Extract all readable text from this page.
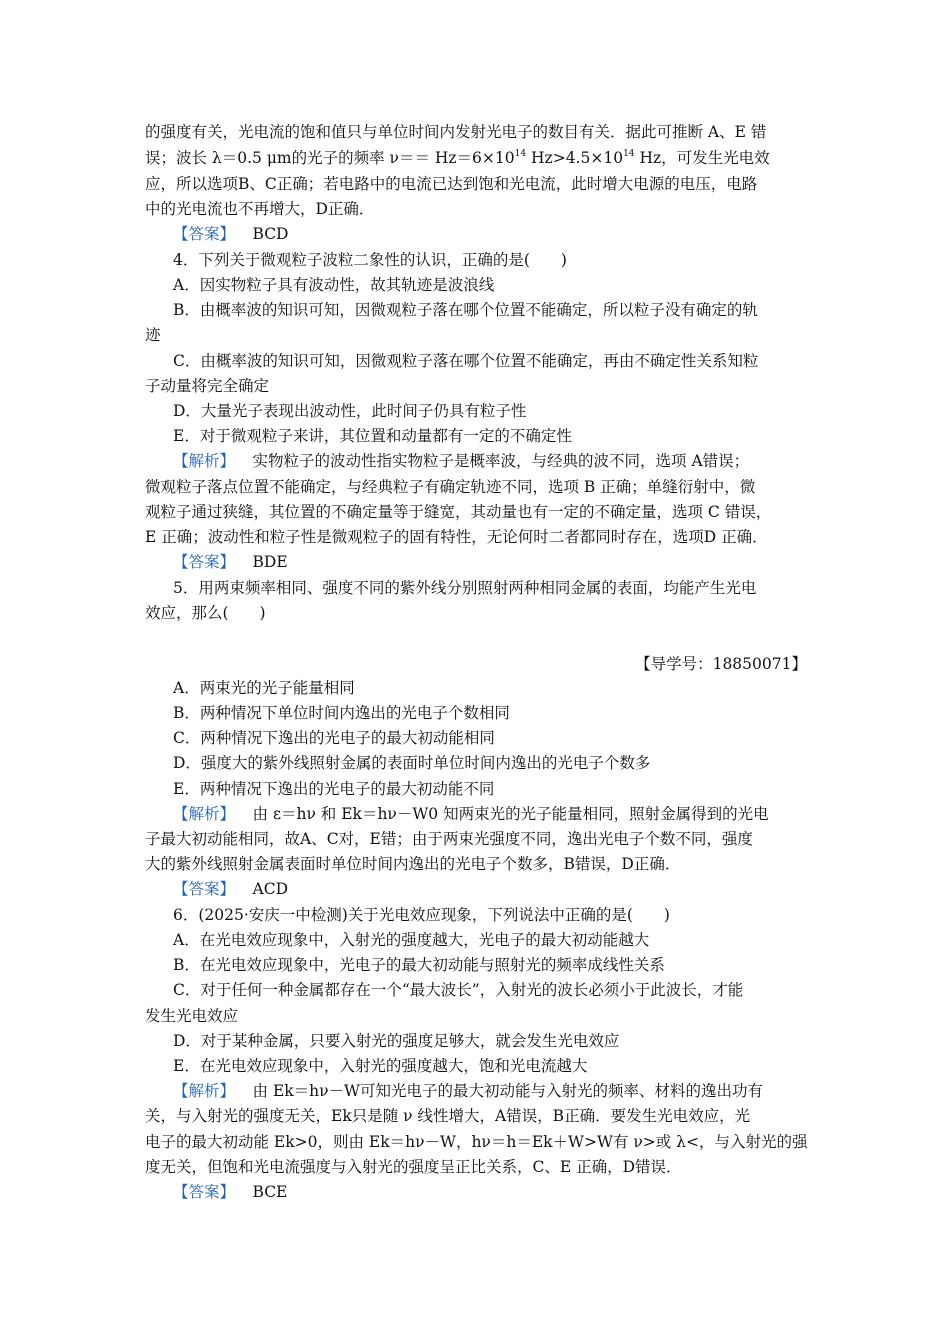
的强度有关，光电流的饱和值只与单位时间内发射光电子的数目有关．据此可推断 A、E 错
误；波长 λ＝0.5 μm的光子的频率 $\nu== Hz=6\times 10^{14}$ $Hz>4.5\times 10^{14}$ Hz，可发生光电效
应，所以选项B、C正确；若电路中的电流已达到饱和光电流，此时增大电源的电压，电路
中的光电流也不再增大，D正确．
【答案】　 BCD
4．下列关于微观粒子波粒二象性的认识，正确的是(　　)
A．因实物粒子具有波动性，故其轨迹是波浪线
B．由概率波的知识可知，因微观粒子落在哪个位置不能确定，所以粒子没有确定的轨
迹
C．由概率波的知识可知，因微观粒子落在哪个位置不能确定，再由不确定性关系知粒
子动量将完全确定
D．大量光子表现出波动性，此时间子仍具有粒子性
E．对于微观粒子来讲，其位置和动量都有一定的不确定性
【解析】　 实物粒子的波动性指实物粒子是概率波，与经典的波不同，选项 A错误；
微观粒子落点位置不能确定，与经典粒子有确定轨迹不同，选项 B 正确；单缝衍射中，微
观粒子通过狭缝，其位置的不确定量等于缝宽，其动量也有一定的不确定量，选项 C 错误，
E 正确；波动性和粒子性是微观粒子的固有特性，无论何时二者都同时存在，选项D 正确．
【答案】　 BDE
5．用两束频率相同、强度不同的紫外线分别照射两种相同金属的表面，均能产生光电
效应，那么(　　)
【导学号：18850071】
A．两束光的光子能量相同
B．两种情况下单位时间内逸出的光电子个数相同
C．两种情况下逸出的光电子的最大初动能相同
D．强度大的紫外线照射金属的表面时单位时间内逸出的光电子个数多
E．两种情况下逸出的光电子的最大初动能不同
【解析】　 由 ε＝hν 和 Ek＝hν－W0 知两束光的光子能量相同，照射金属得到的光电
子最大初动能相同，故A、C对，E错；由于两束光强度不同，逸出光电子个数不同，强度
大的紫外线照射金属表面时单位时间内逸出的光电子个数多，B错误，D正确．
【答案】　 ACD
6．(2025·安庆一中检测)关于光电效应现象，下列说法中正确的是(　　)
A．在光电效应现象中，入射光的强度越大，光电子的最大初动能越大
B．在光电效应现象中，光电子的最大初动能与照射光的频率成线性关系
C．对于任何一种金属都存在一个“最大波长”，入射光的波长必须小于此波长，才能
发生光电效应
D．对于某种金属，只要入射光的强度足够大，就会发生光电效应
E．在光电效应现象中，入射光的强度越大，饱和光电流越大
【解析】　 由 Ek＝hν－W可知光电子的最大初动能与入射光的频率、材料的逸出功有
关，与入射光的强度无关，Ek只是随 ν 线性增大，A错误，B正确．要发生光电效应，光
电子的最大初动能 Ek>0，则由 Ek＝hν－W，hν＝h＝Ek＋W>W有 ν>或 λ<，与入射光的强
度无关，但饱和光电流强度与入射光的强度呈正比关系，C、E 正确，D错误．
【答案】　 BCE
